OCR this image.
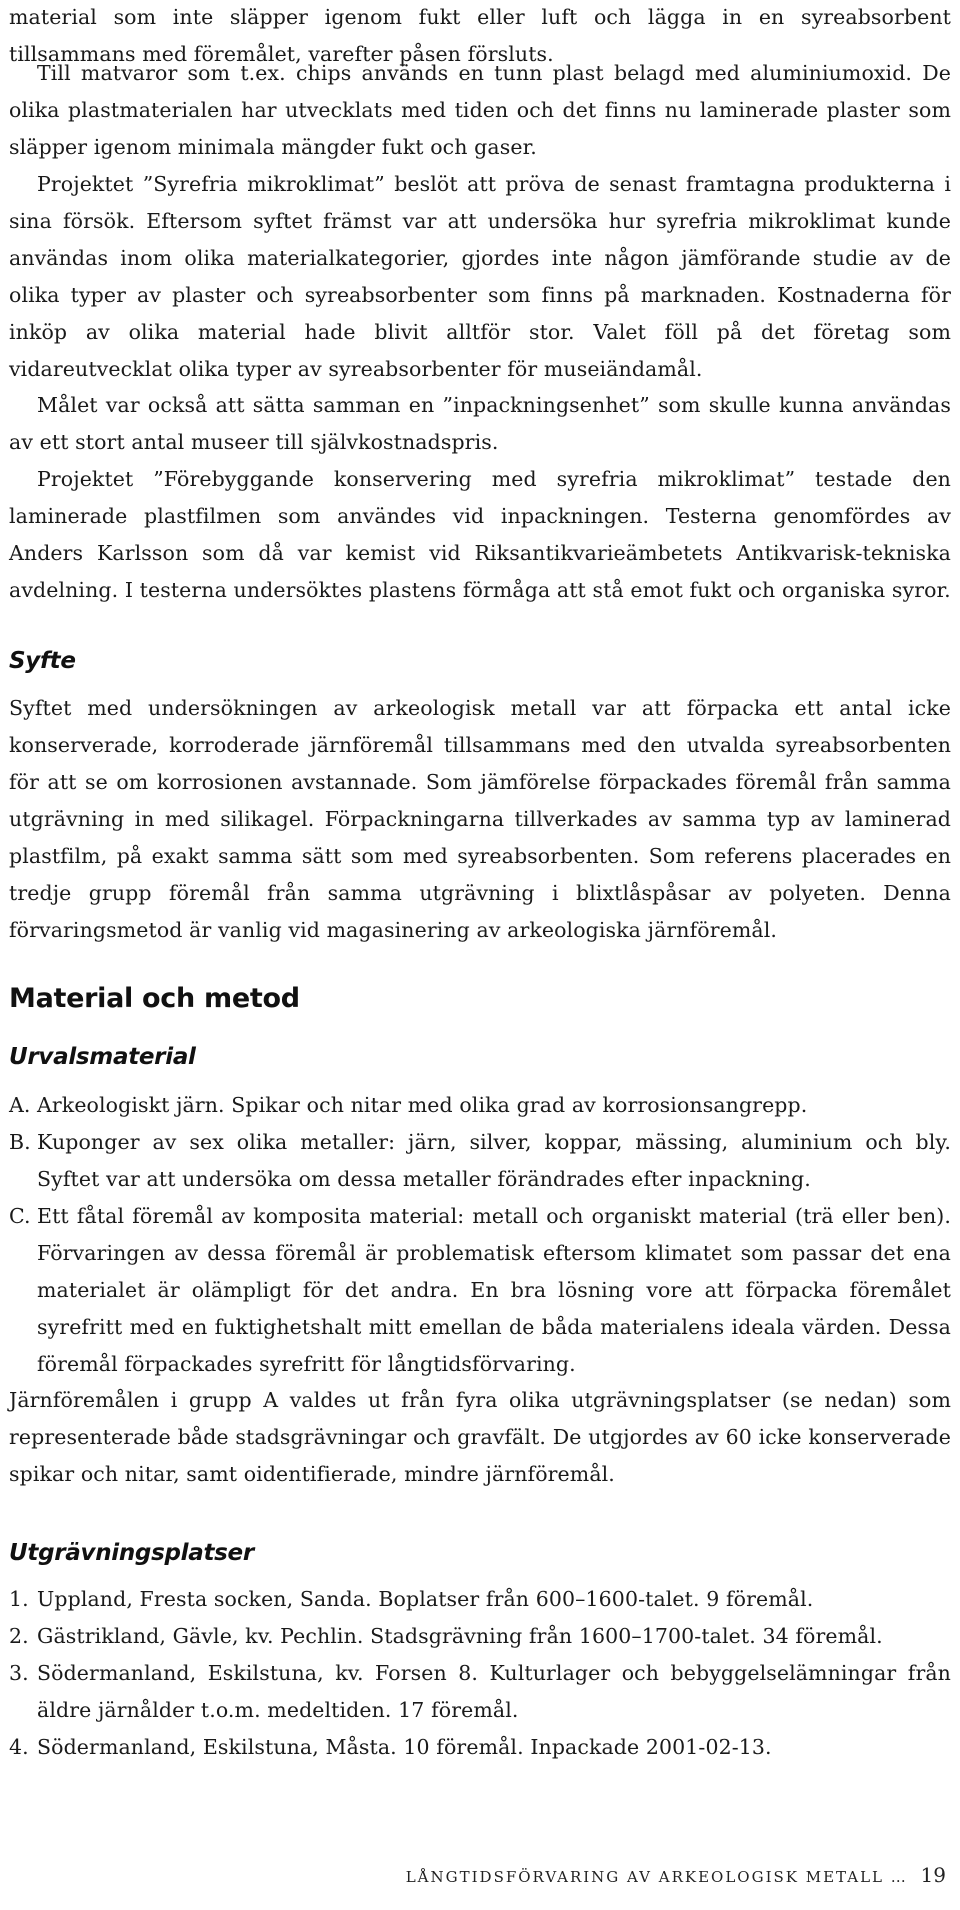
material som inte släpper igenom fukt eller luft och lägga in en syreabsorbent tillsammans med föremålet, varefter påsen försluts.

Till matvaror som t.ex. chips används en tunn plast belagd med aluminiumoxid. De olika plastmaterialen har utvecklats med tiden och det finns nu laminerade plaster som släpper igenom minimala mängder fukt och gaser.

Projektet ”Syrefria mikroklimat” beslöt att pröva de senast framtagna produkterna i sina försök. Eftersom syftet främst var att undersöka hur syrefria mikroklimat kunde användas inom olika materialkategorier, gjordes inte någon jämförande studie av de olika typer av plaster och syreabsorbenter som finns på marknaden. Kostnaderna för inköp av olika material hade blivit alltför stor. Valet föll på det företag som vidareutvecklat olika typer av syreabsorbenter för museiändamål.

Målet var också att sätta samman en ”inpackningsenhet” som skulle kunna användas av ett stort antal museer till självkostnadspris.

Projektet ”Förebyggande konservering med syrefria mikroklimat” testade den laminerade plastfilmen som användes vid inpackningen. Testerna genomfördes av Anders Karlsson som då var kemist vid Riksantikvarieämbetets Antikvarisk-tekniska avdelning. I testerna undersöktes plastens förmåga att stå emot fukt och organiska syror.

Syfte

Syftet med undersökningen av arkeologisk metall var att förpacka ett antal icke konserverade, korroderade järnföremål tillsammans med den utvalda syreabsorbenten för att se om korrosionen avstannade. Som jämförelse förpackades föremål från samma utgrävning in med silikagel. Förpackningarna tillverkades av samma typ av laminerad plastfilm, på exakt samma sätt som med syreabsorbenten. Som referens placerades en tredje grupp föremål från samma utgrävning i blixtlåspåsar av polyeten. Denna förvaringsmetod är vanlig vid magasinering av arkeologiska järnföremål.

Material och metod
Urvalsmaterial
A. Arkeologiskt järn. Spikar och nitar med olika grad av korrosionsangrepp.
B. Kuponger av sex olika metaller: järn, silver, koppar, mässing, aluminium och bly. Syftet var att undersöka om dessa metaller förändrades efter inpackning.
C. Ett fåtal föremål av komposita material: metall och organiskt material (trä eller ben). Förvaringen av dessa föremål är problematisk eftersom klimatet som passar det ena materialet är olämpligt för det andra. En bra lösning vore att förpacka föremålet syrefritt med en fuktighetshalt mitt emellan de båda materialens ideala värden. Dessa föremål förpackades syrefritt för långtidsförvaring.

Järnföremålen i grupp A valdes ut från fyra olika utgrävningsplatser (se nedan) som representerade både stadsgrävningar och gravfält. De utgjordes av 60 icke konserverade spikar och nitar, samt oidentifierade, mindre järnföremål.

Utgrävningsplatser
1. Uppland, Fresta socken, Sanda. Boplatser från 600–1600-talet. 9 föremål.
2. Gästrikland, Gävle, kv. Pechlin. Stadsgrävning från 1600–1700-talet. 34 föremål.
3. Södermanland, Eskilstuna, kv. Forsen 8. Kulturlager och bebyggelselämningar från äldre järnålder t.o.m. medeltiden. 17 föremål.
4. Södermanland, Eskilstuna, Måsta. 10 föremål. Inpackade 2001-02-13.
LÅNGTIDSFÖRVARING AV ARKEOLOGISK METALL … 19
